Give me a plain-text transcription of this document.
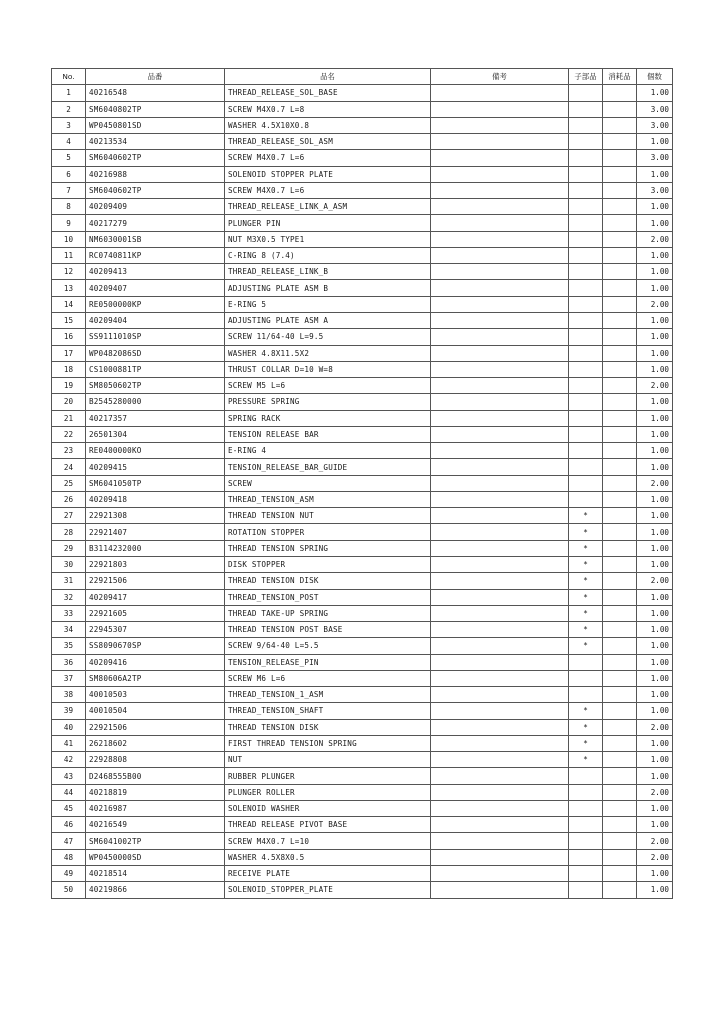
No.	品番	品名	備考	子部品	消耗品	個数
1	40216548	THREAD_RELEASE_SOL_BASE				1.00
2	SM6040802TP	SCREW M4X0.7 L=8				3.00
3	WP0450801SD	WASHER 4.5X10X0.8				3.00
4	40213534	THREAD_RELEASE_SOL_ASM				1.00
5	SM6040602TP	SCREW M4X0.7 L=6				3.00
6	40216988	SOLENOID STOPPER PLATE				1.00
7	SM6040602TP	SCREW M4X0.7 L=6				3.00
8	40209409	THREAD_RELEASE_LINK_A_ASM				1.00
9	40217279	PLUNGER PIN				1.00
10	NM6030001SB	NUT M3X0.5 TYPE1				2.00
11	RC0740811KP	C-RING 8 (7.4)				1.00
12	40209413	THREAD_RELEASE_LINK_B				1.00
13	40209407	ADJUSTING PLATE ASM B				1.00
14	RE0500000KP	E-RING 5				2.00
15	40209404	ADJUSTING PLATE ASM A				1.00
16	SS9111010SP	SCREW 11/64-40 L=9.5				1.00
17	WP0482086SD	WASHER 4.8X11.5X2				1.00
18	CS1000881TP	THRUST COLLAR D=10 W=8				1.00
19	SM8050602TP	SCREW M5 L=6				2.00
20	B2545280000	PRESSURE SPRING				1.00
21	40217357	SPRING RACK				1.00
22	26501304	TENSION RELEASE BAR				1.00
23	RE0400000KO	E-RING 4				1.00
24	40209415	TENSION_RELEASE_BAR_GUIDE				1.00
25	SM6041050TP	SCREW				2.00
26	40209418	THREAD_TENSION_ASM				1.00
27	22921308	THREAD TENSION NUT		*		1.00
28	22921407	ROTATION STOPPER		*		1.00
29	B3114232000	THREAD TENSION SPRING		*		1.00
30	22921803	DISK STOPPER		*		1.00
31	22921506	THREAD TENSION DISK		*		2.00
32	40209417	THREAD_TENSION_POST		*		1.00
33	22921605	THREAD TAKE-UP SPRING		*		1.00
34	22945307	THREAD TENSION POST BASE		*		1.00
35	SS8090670SP	SCREW 9/64-40 L=5.5		*		1.00
36	40209416	TENSION_RELEASE_PIN				1.00
37	SM80606A2TP	SCREW M6 L=6				1.00
38	40010503	THREAD_TENSION_1_ASM				1.00
39	40010504	THREAD_TENSION_SHAFT		*		1.00
40	22921506	THREAD TENSION DISK		*		2.00
41	26218602	FIRST THREAD TENSION SPRING		*		1.00
42	22928808	NUT		*		1.00
43	D2468555B00	RUBBER PLUNGER				1.00
44	40218819	PLUNGER ROLLER				2.00
45	40216987	SOLENOID WASHER				1.00
46	40216549	THREAD RELEASE PIVOT BASE				1.00
47	SM6041002TP	SCREW M4X0.7 L=10				2.00
48	WP0450000SD	WASHER 4.5X8X0.5				2.00
49	40218514	RECEIVE PLATE				1.00
50	40219866	SOLENOID_STOPPER_PLATE				1.00
